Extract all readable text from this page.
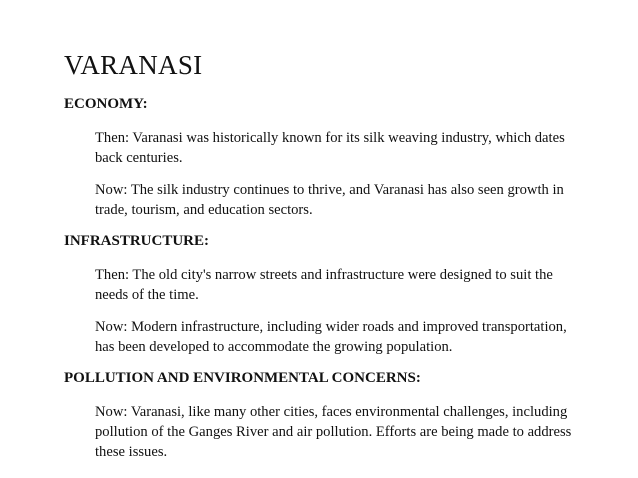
VARANASI
ECONOMY:
Then: Varanasi was historically known for its silk weaving industry, which dates
back centuries.
Now: The silk industry continues to thrive, and Varanasi has also seen growth in
trade, tourism, and education sectors.
INFRASTRUCTURE:
Then: The old city's narrow streets and infrastructure were designed to suit the
needs of the time.
Now: Modern infrastructure, including wider roads and improved transportation,
has been developed to accommodate the growing population.
POLLUTION AND ENVIRONMENTAL CONCERNS:
Now: Varanasi, like many other cities, faces environmental challenges, including
pollution of the Ganges River and air pollution. Efforts are being made to address
these issues.
